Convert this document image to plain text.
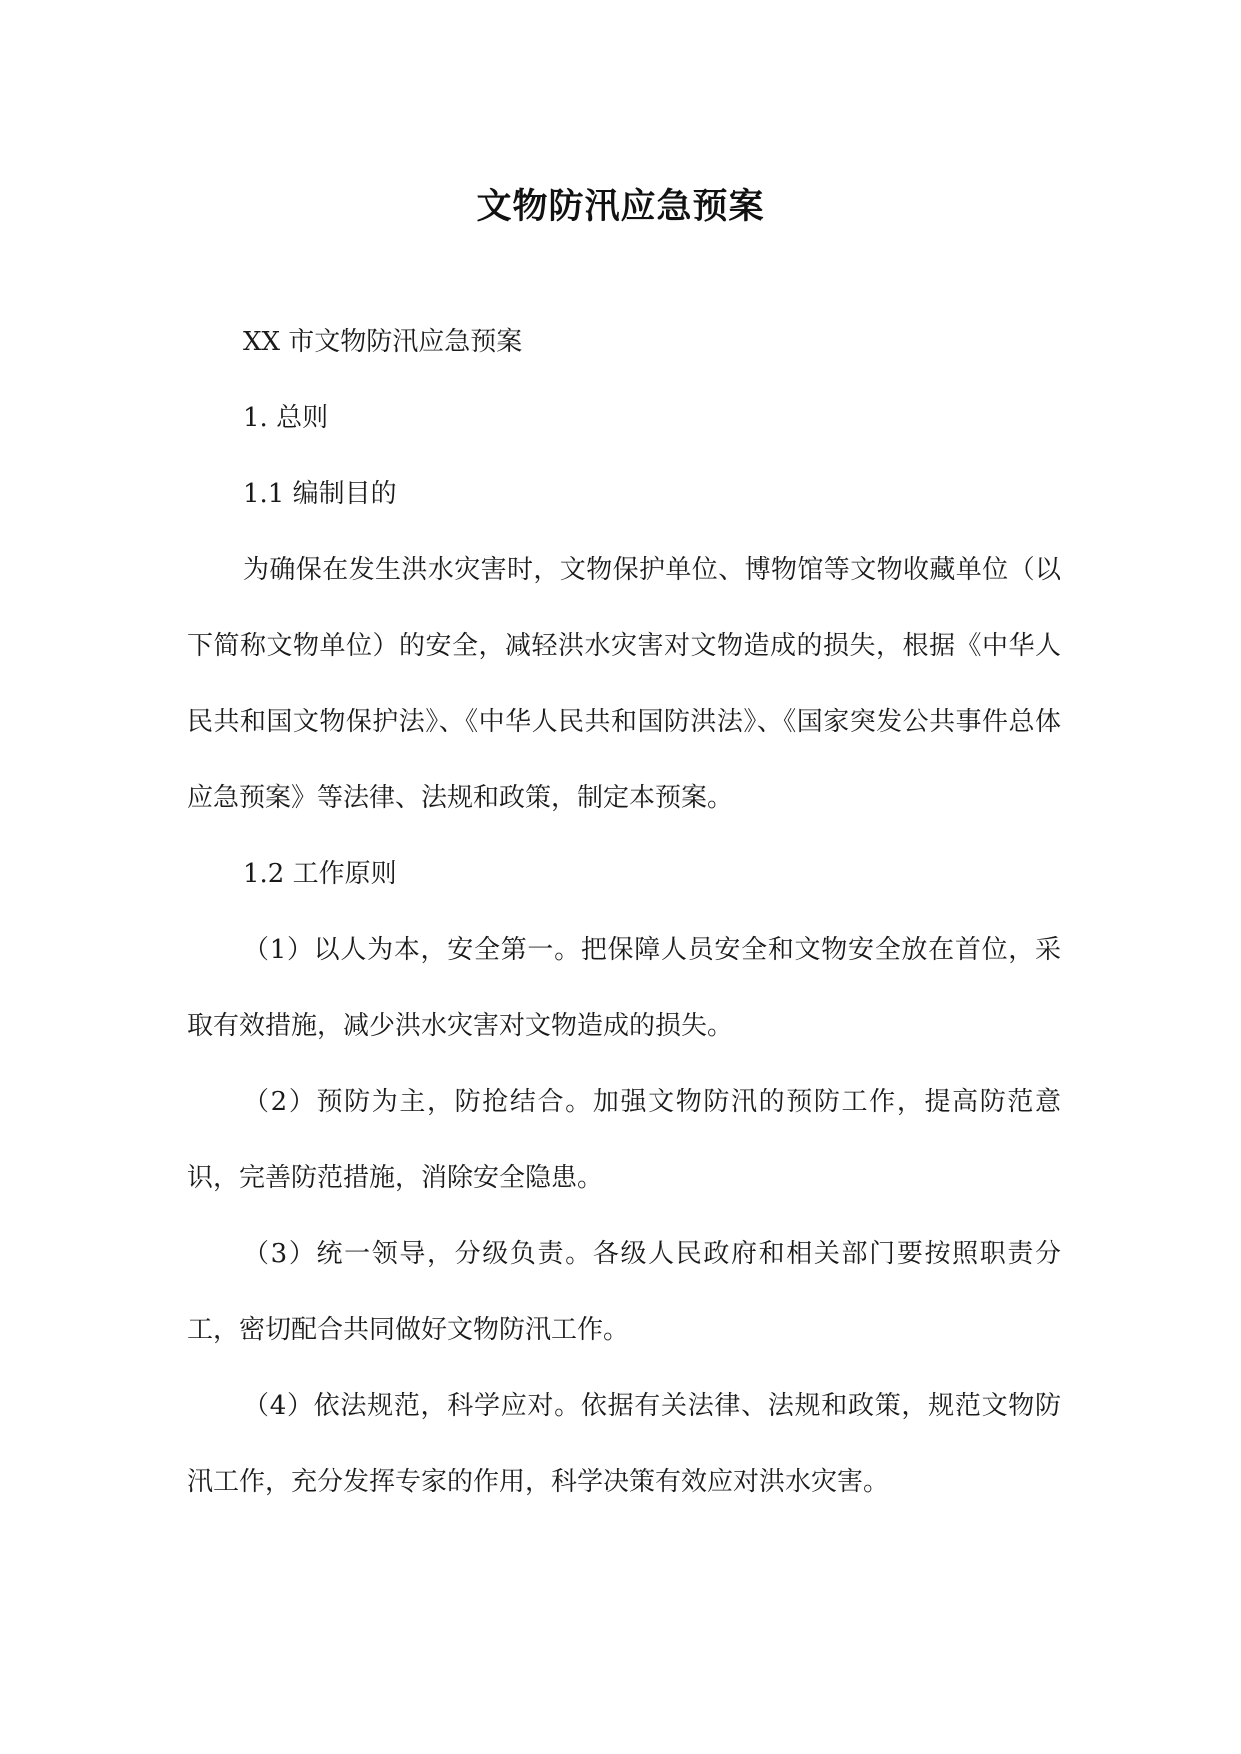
文物防汛应急预案

XX 市文物防汛应急预案

1. 总则

1.1 编制目的

为确保在发生洪水灾害时，文物保护单位、博物馆等文物收藏单位（以下简称文物单位）的安全，减轻洪水灾害对文物造成的损失，根据《中华人民共和国文物保护法》、《中华人民共和国防洪法》、《国家突发公共事件总体应急预案》等法律、法规和政策，制定本预案。

1.2 工作原则

（1）以人为本，安全第一。把保障人员安全和文物安全放在首位，采取有效措施，减少洪水灾害对文物造成的损失。

（2）预防为主，防抢结合。加强文物防汛的预防工作，提高防范意识，完善防范措施，消除安全隐患。

（3）统一领导，分级负责。各级人民政府和相关部门要按照职责分工，密切配合共同做好文物防汛工作。

（4）依法规范，科学应对。依据有关法律、法规和政策，规范文物防汛工作，充分发挥专家的作用，科学决策有效应对洪水灾害。
